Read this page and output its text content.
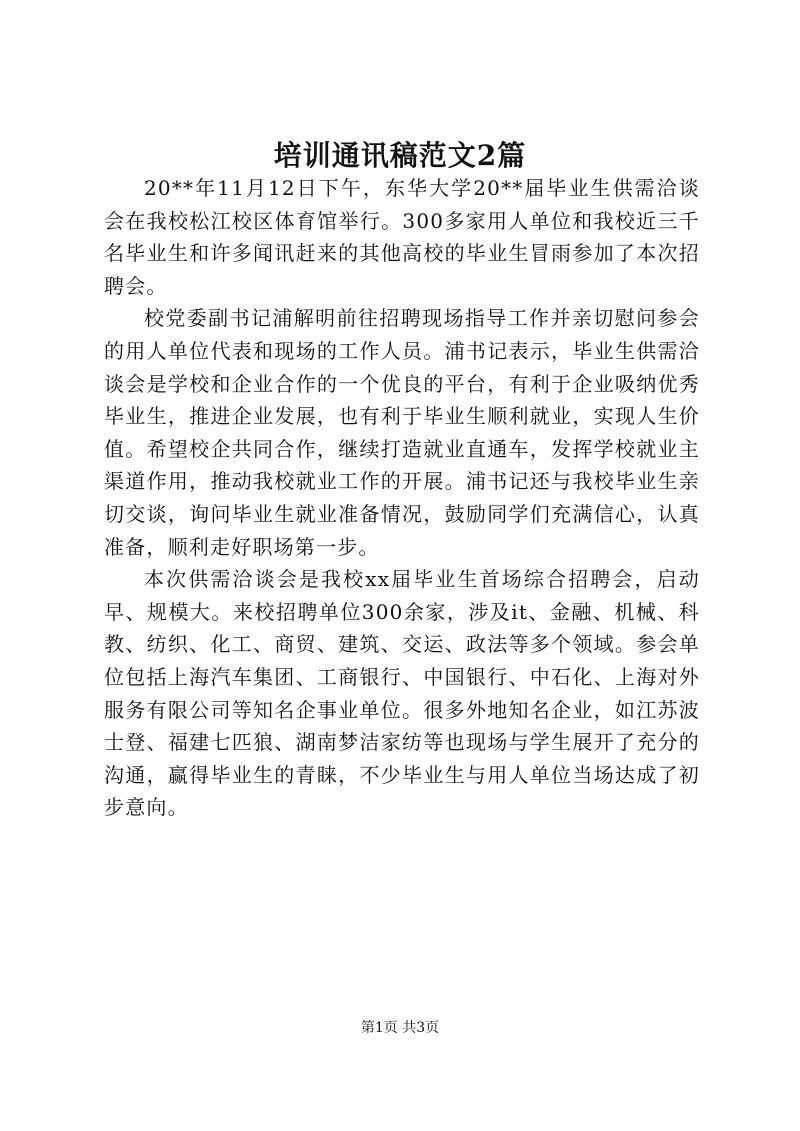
培训通讯稿范文2篇

20**年11月12日下午，东华大学20**届毕业生供需洽谈会在我校松江校区体育馆举行。300多家用人单位和我校近三千名毕业生和许多闻讯赶来的其他高校的毕业生冒雨参加了本次招聘会。

校党委副书记浦解明前往招聘现场指导工作并亲切慰问参会的用人单位代表和现场的工作人员。浦书记表示，毕业生供需洽谈会是学校和企业合作的一个优良的平台，有利于企业吸纳优秀毕业生，推进企业发展，也有利于毕业生顺利就业，实现人生价值。希望校企共同合作，继续打造就业直通车，发挥学校就业主渠道作用，推动我校就业工作的开展。浦书记还与我校毕业生亲切交谈，询问毕业生就业准备情况，鼓励同学们充满信心，认真准备，顺利走好职场第一步。

本次供需洽谈会是我校xx届毕业生首场综合招聘会，启动早、规模大。来校招聘单位300余家，涉及it、金融、机械、科教、纺织、化工、商贸、建筑、交运、政法等多个领域。参会单位包括上海汽车集团、工商银行、中国银行、中石化、上海对外服务有限公司等知名企事业单位。很多外地知名企业，如江苏波士登、福建七匹狼、湖南梦洁家纺等也现场与学生展开了充分的沟通，赢得毕业生的青睐，不少毕业生与用人单位当场达成了初步意向。

第1页 共3页
